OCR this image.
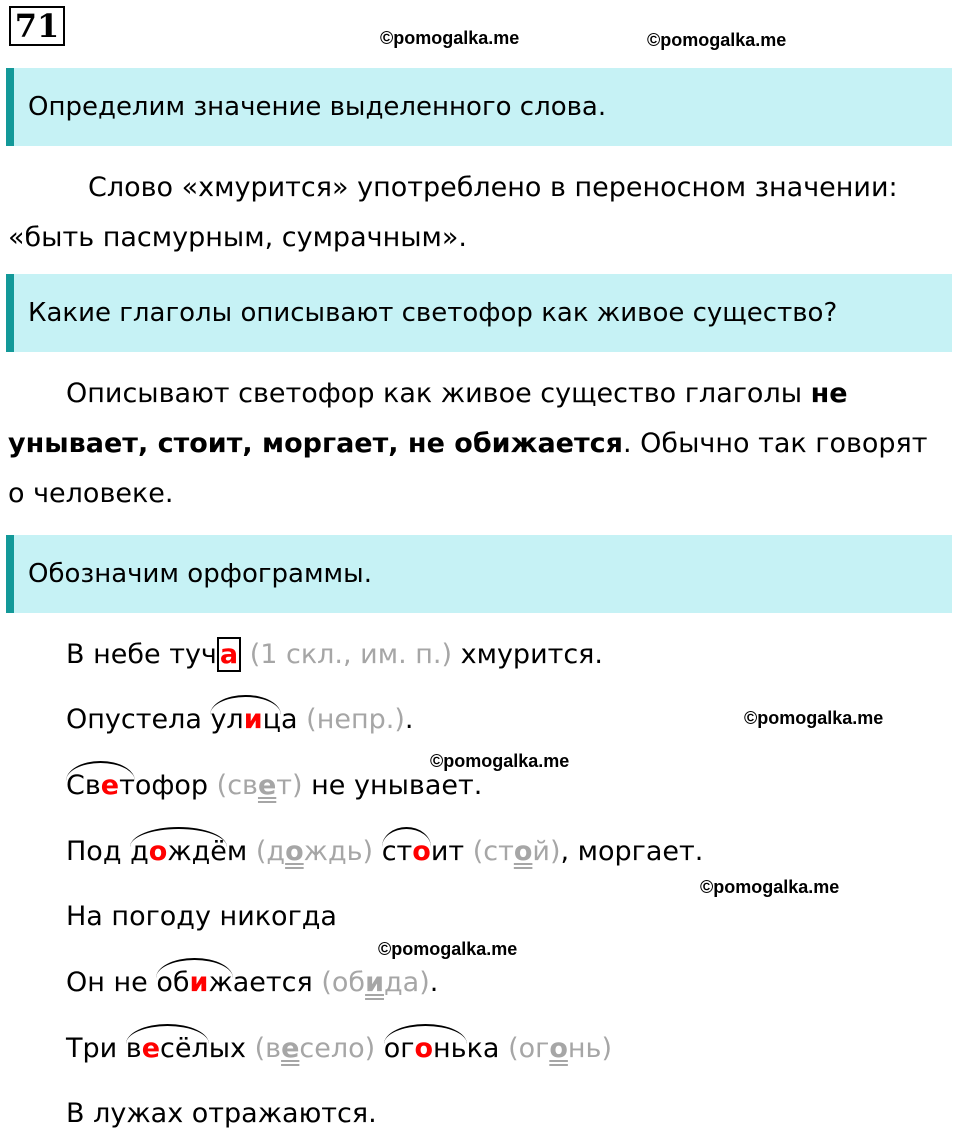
71	©pomogalka.me	©pomogalka.me
Определим значение выделенного слова.
Слово «хмурится» употреблено в переносном значении: «быть пасмурным, сумрачным».
Какие глаголы описывают светофор как живое существо?
Описывают светофор как живое существо глаголы не унывает, стоит, моргает, не обижается. Обычно так говорят о человеке.
Обозначим орфограммы.
В небе туч а (1 скл., им. п.) хмурится.
©pomogalka.me
Опустела улица (непр.).
©pomogalka.me
Светофор (свет) не унывает.
Под дождём (дождь) стоит (стой), моргает.
©pomogalka.me
На погоду никогда
©pomogalka.me
Он не обижается (обида).
Три весёлых (весело) огонька (огонь)
В лужах отражаются.
